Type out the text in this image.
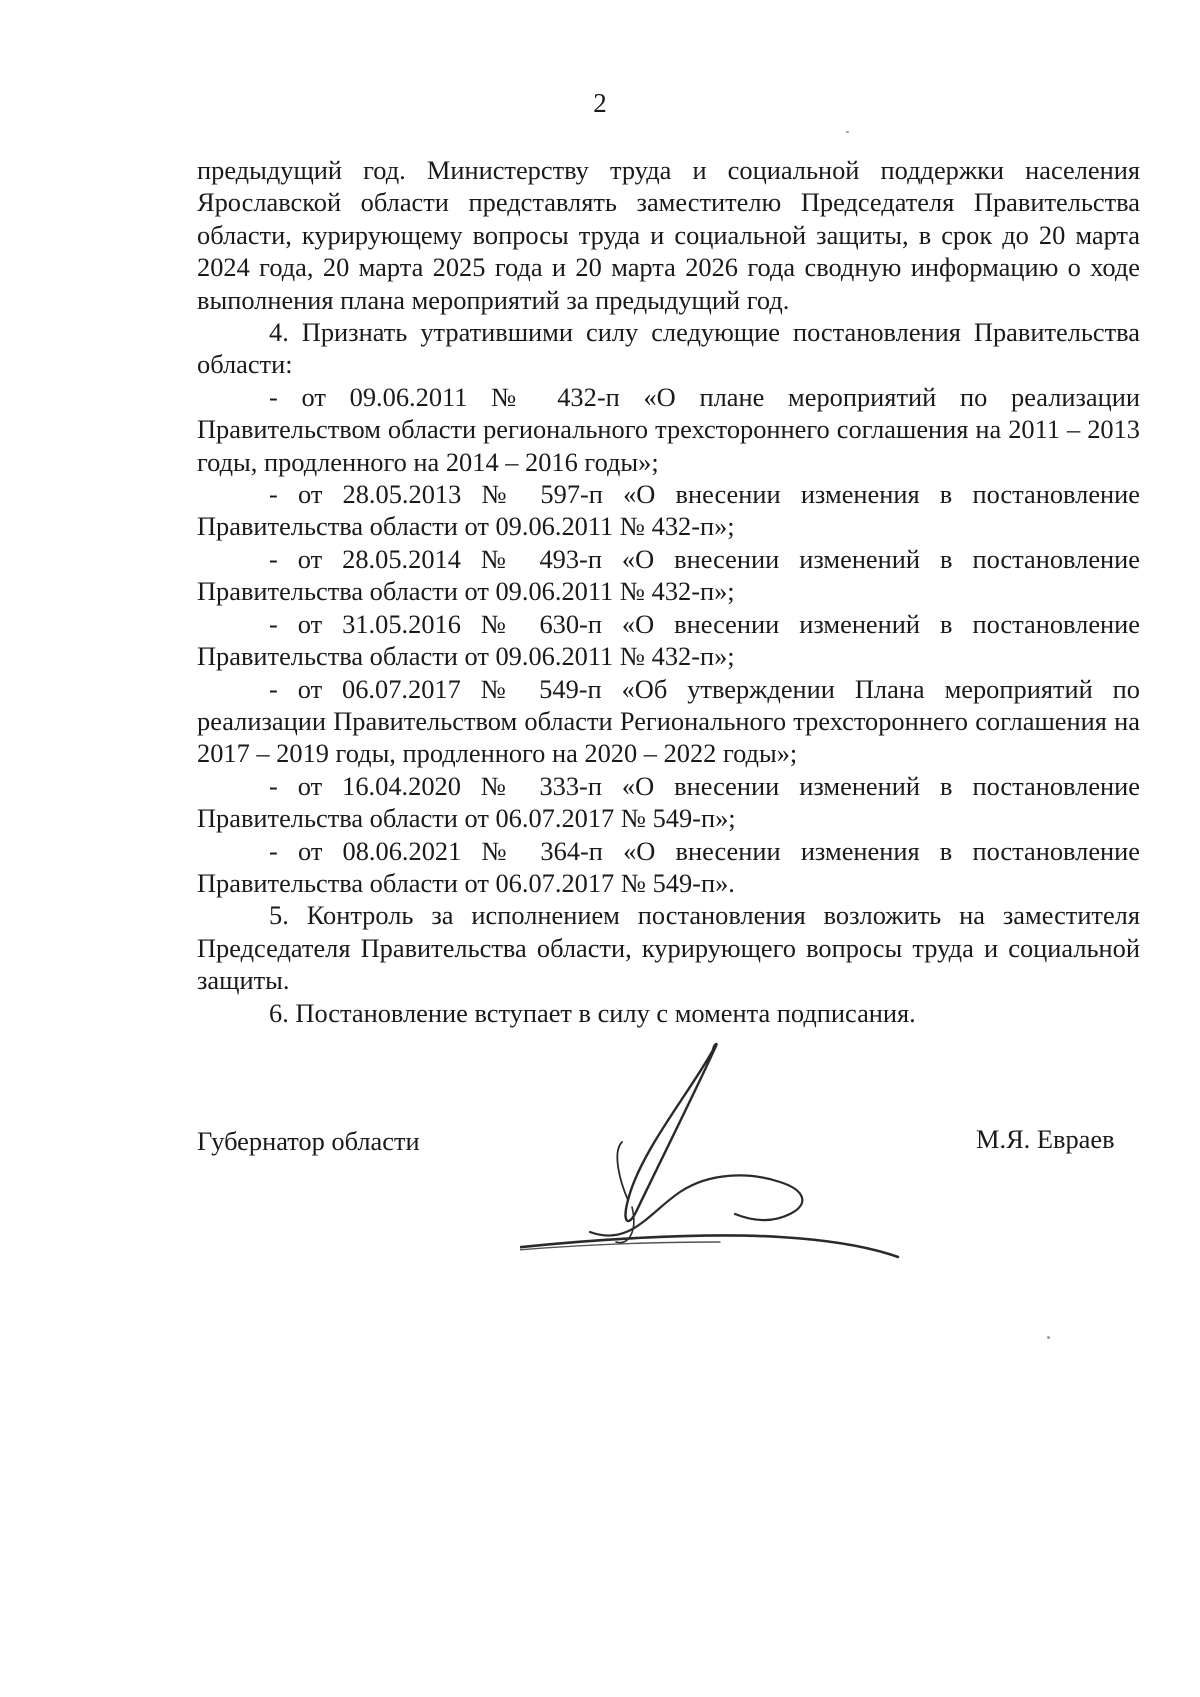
2

предыдущий год. Министерству труда и социальной поддержки населения Ярославской области представлять заместителю Председателя Правительства области, курирующему вопросы труда и социальной защиты, в срок до 20 марта 2024 года, 20 марта 2025 года и 20 марта 2026 года сводную информацию о ходе выполнения плана мероприятий за предыдущий год.

4. Признать утратившими силу следующие постановления Правительства области:

- от 09.06.2011 № 432-п «О плане мероприятий по реализации Правительством области регионального трехстороннего соглашения на 2011 – 2013 годы, продленного на 2014 – 2016 годы»;

- от 28.05.2013 № 597-п «О внесении изменения в постановление Правительства области от 09.06.2011 № 432-п»;

- от 28.05.2014 № 493-п «О внесении изменений в постановление Правительства области от 09.06.2011 № 432-п»;

- от 31.05.2016 № 630-п «О внесении изменений в постановление Правительства области от 09.06.2011 № 432-п»;

- от 06.07.2017 № 549-п «Об утверждении Плана мероприятий по реализации Правительством области Регионального трехстороннего соглашения на 2017 – 2019 годы, продленного на 2020 – 2022 годы»;

- от 16.04.2020 № 333-п «О внесении изменений в постановление Правительства области от 06.07.2017 № 549-п»;

- от 08.06.2021 № 364-п «О внесении изменения в постановление Правительства области от 06.07.2017 № 549-п».

5. Контроль за исполнением постановления возложить на заместителя Председателя Правительства области, курирующего вопросы труда и социальной защиты.

6. Постановление вступает в силу с момента подписания.

Губернатор области	М.Я. Евраев
